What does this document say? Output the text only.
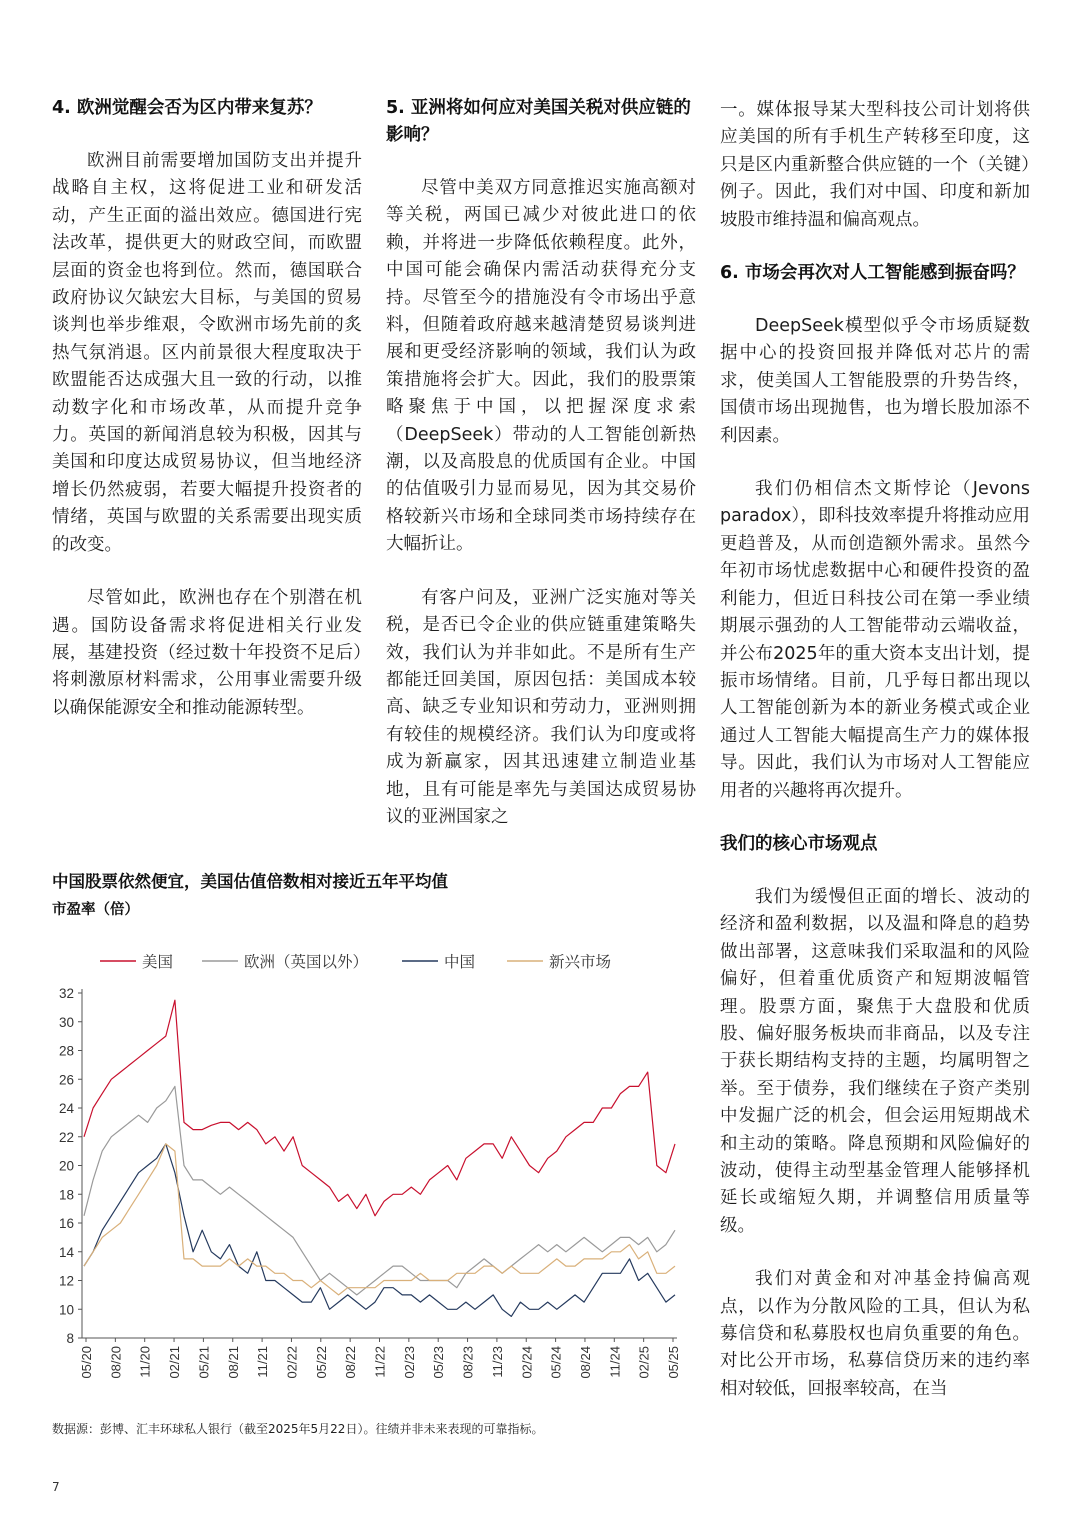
4. 欧洲觉醒会否为区内带来复苏？

欧洲目前需要增加国防支出并提升战略自主权，这将促进工业和研发活动，产生正面的溢出效应。德国进行宪法改革，提供更大的财政空间，而欧盟层面的资金也将到位。然而，德国联合政府协议欠缺宏大目标，与美国的贸易谈判也举步维艰，令欧洲市场先前的炙热气氛消退。区内前景很大程度取决于欧盟能否达成强大且一致的行动，以推动数字化和市场改革，从而提升竞争力。英国的新闻消息较为积极，因其与美国和印度达成贸易协议，但当地经济增长仍然疲弱，若要大幅提升投资者的情绪，英国与欧盟的关系需要出现实质的改变。

尽管如此，欧洲也存在个别潜在机遇。国防设备需求将促进相关行业发展，基建投资（经过数十年投资不足后）将刺激原材料需求，公用事业需要升级以确保能源安全和推动能源转型。

5. 亚洲将如何应对美国关税对供应链的影响？

尽管中美双方同意推迟实施高额对等关税，两国已减少对彼此进口的依赖，并将进一步降低依赖程度。此外，中国可能会确保内需活动获得充分支持。尽管至今的措施没有令市场出乎意料，但随着政府越来越清楚贸易谈判进展和更受经济影响的领域，我们认为政策措施将会扩大。因此，我们的股票策略聚焦于中国，以把握深度求索（DeepSeek）带动的人工智能创新热潮，以及高股息的优质国有企业。中国的估值吸引力显而易见，因为其交易价格较新兴市场和全球同类市场持续存在大幅折让。

有客户问及，亚洲广泛实施对等关税，是否已令企业的供应链重建策略失效，我们认为并非如此。不是所有生产都能迁回美国，原因包括：美国成本较高、缺乏专业知识和劳动力，亚洲则拥有较佳的规模经济。我们认为印度或将成为新赢家，因其迅速建立制造业基地，且有可能是率先与美国达成贸易协议的亚洲国家之

一。媒体报导某大型科技公司计划将供应美国的所有手机生产转移至印度，这只是区内重新整合供应链的一个（关键）例子。因此，我们对中国、印度和新加坡股市维持温和偏高观点。

6. 市场会再次对人工智能感到振奋吗？

DeepSeek模型似乎令市场质疑数据中心的投资回报并降低对芯片的需求，使美国人工智能股票的升势告终，国债市场出现抛售，也为增长股加添不利因素。

我们仍相信杰文斯悖论（Jevons paradox），即科技效率提升将推动应用更趋普及，从而创造额外需求。虽然今年初市场忧虑数据中心和硬件投资的盈利能力，但近日科技公司在第一季业绩期展示强劲的人工智能带动云端收益，并公布2025年的重大资本支出计划，提振市场情绪。目前，几乎每日都出现以人工智能创新为本的新业务模式或企业通过人工智能大幅提高生产力的媒体报导。因此，我们认为市场对人工智能应用者的兴趣将再次提升。

我们的核心市场观点

我们为缓慢但正面的增长、波动的经济和盈利数据，以及温和降息的趋势做出部署，这意味我们采取温和的风险偏好，但着重优质资产和短期波幅管理。股票方面，聚焦于大盘股和优质股、偏好服务板块而非商品，以及专注于获长期结构支持的主题，均属明智之举。至于债券，我们继续在子资产类别中发掘广泛的机会，但会运用短期战术和主动的策略。降息预期和风险偏好的波动，使得主动型基金管理人能够择机延长或缩短久期，并调整信用质量等级。

我们对黄金和对冲基金持偏高观点，以作为分散风险的工具，但认为私募信贷和私募股权也肩负重要的角色。对比公开市场，私募信贷历来的违约率相对较低，回报率较高，在当

中国股票依然便宜，美国估值倍数相对接近五年平均值
市盈率（倍）
8
10
12
14
16
18
20
22
24
26
28
30
32
05/20 08/20 11/20 02/21 05/21 08/21 11/21 02/22 05/22 08/22 11/22 02/23 05/23 08/23 11/23 02/24 05/24 08/24 11/24 02/25 05/25
美国	欧洲（英国以外）	中国	新兴市场
数据源：彭博、汇丰环球私人银行（截至2025年5月22日）。往绩并非未来表现的可靠指标。
7
